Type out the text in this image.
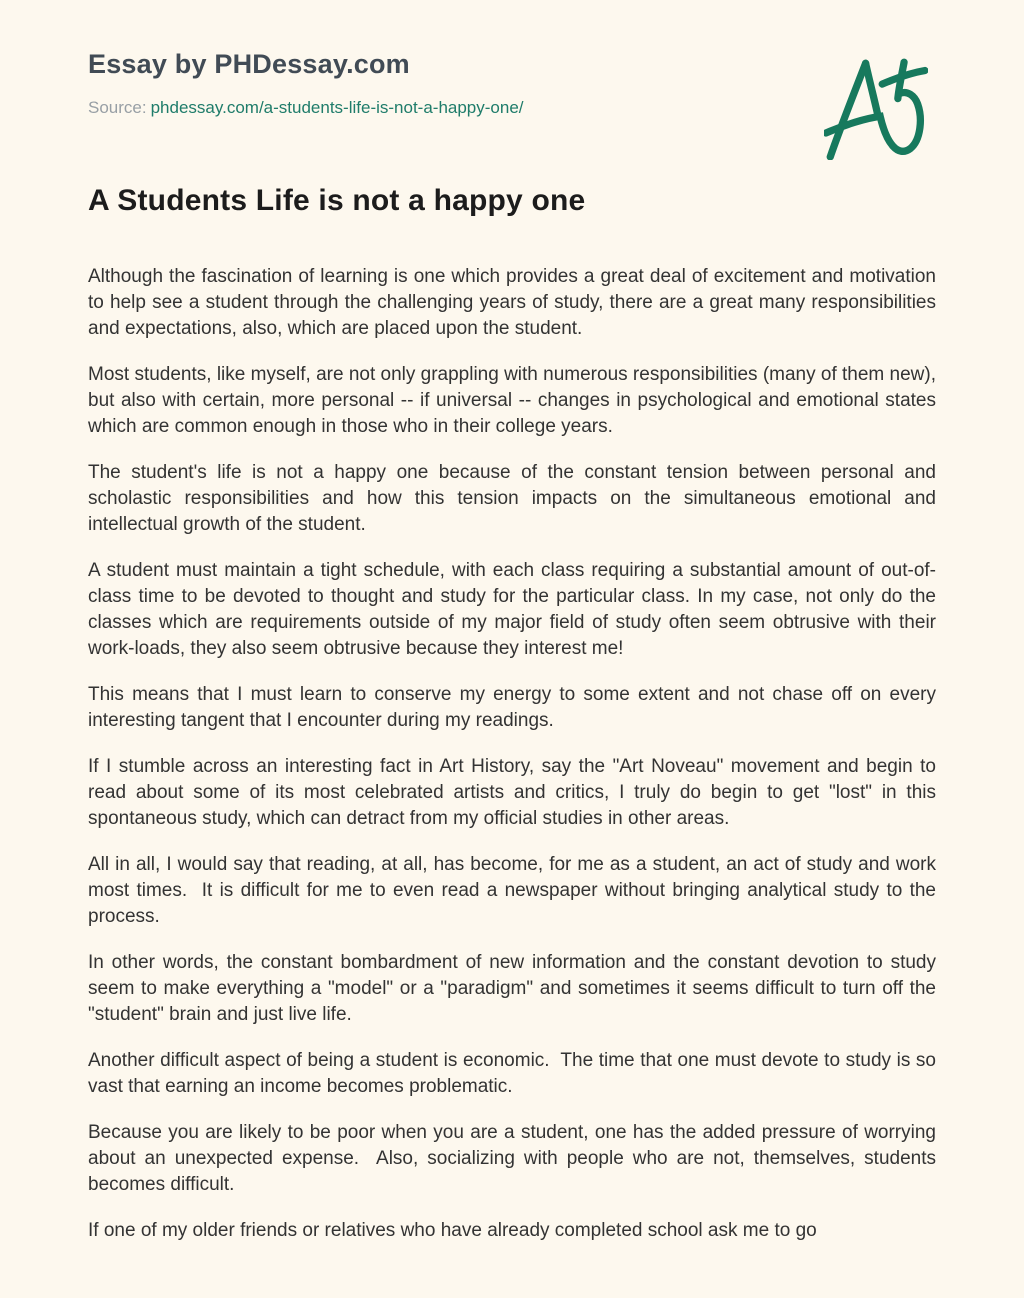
Essay by PHDessay.com
Source: phdessay.com/a-students-life-is-not-a-happy-one/
A Students Life is not a happy one

Although the fascination of learning is one which provides a great deal of excitement and motivation to help see a student through the challenging years of study, there are a great many responsibilities and expectations, also, which are placed upon the student.

Most students, like myself, are not only grappling with numerous responsibilities (many of them new), but also with certain, more personal -- if universal -- changes in psychological and emotional states which are common enough in those who in their college years.

The student's life is not a happy one because of the constant tension between personal and scholastic responsibilities and how this tension impacts on the simultaneous emotional and intellectual growth of the student.

A student must maintain a tight schedule, with each class requiring a substantial amount of out-of-class time to be devoted to thought and study for the particular class. In my case, not only do the classes which are requirements outside of my major field of study often seem obtrusive with their work-loads, they also seem obtrusive because they interest me!

This means that I must learn to conserve my energy to some extent and not chase off on every interesting tangent that I encounter during my readings.

If I stumble across an interesting fact in Art History, say the "Art Noveau" movement and begin to read about some of its most celebrated artists and critics, I truly do begin to get "lost" in this spontaneous study, which can detract from my official studies in other areas.

All in all, I would say that reading, at all, has become, for me as a student, an act of study and work most times.  It is difficult for me to even read a newspaper without bringing analytical study to the process.

In other words, the constant bombardment of new information and the constant devotion to study seem to make everything a "model" or a "paradigm" and sometimes it seems difficult to turn off the "student" brain and just live life.

Another difficult aspect of being a student is economic.  The time that one must devote to study is so vast that earning an income becomes problematic.

Because you are likely to be poor when you are a student, one has the added pressure of worrying about an unexpected expense.  Also, socializing with people who are not, themselves, students becomes difficult.

If one of my older friends or relatives who have already completed school ask me to go
